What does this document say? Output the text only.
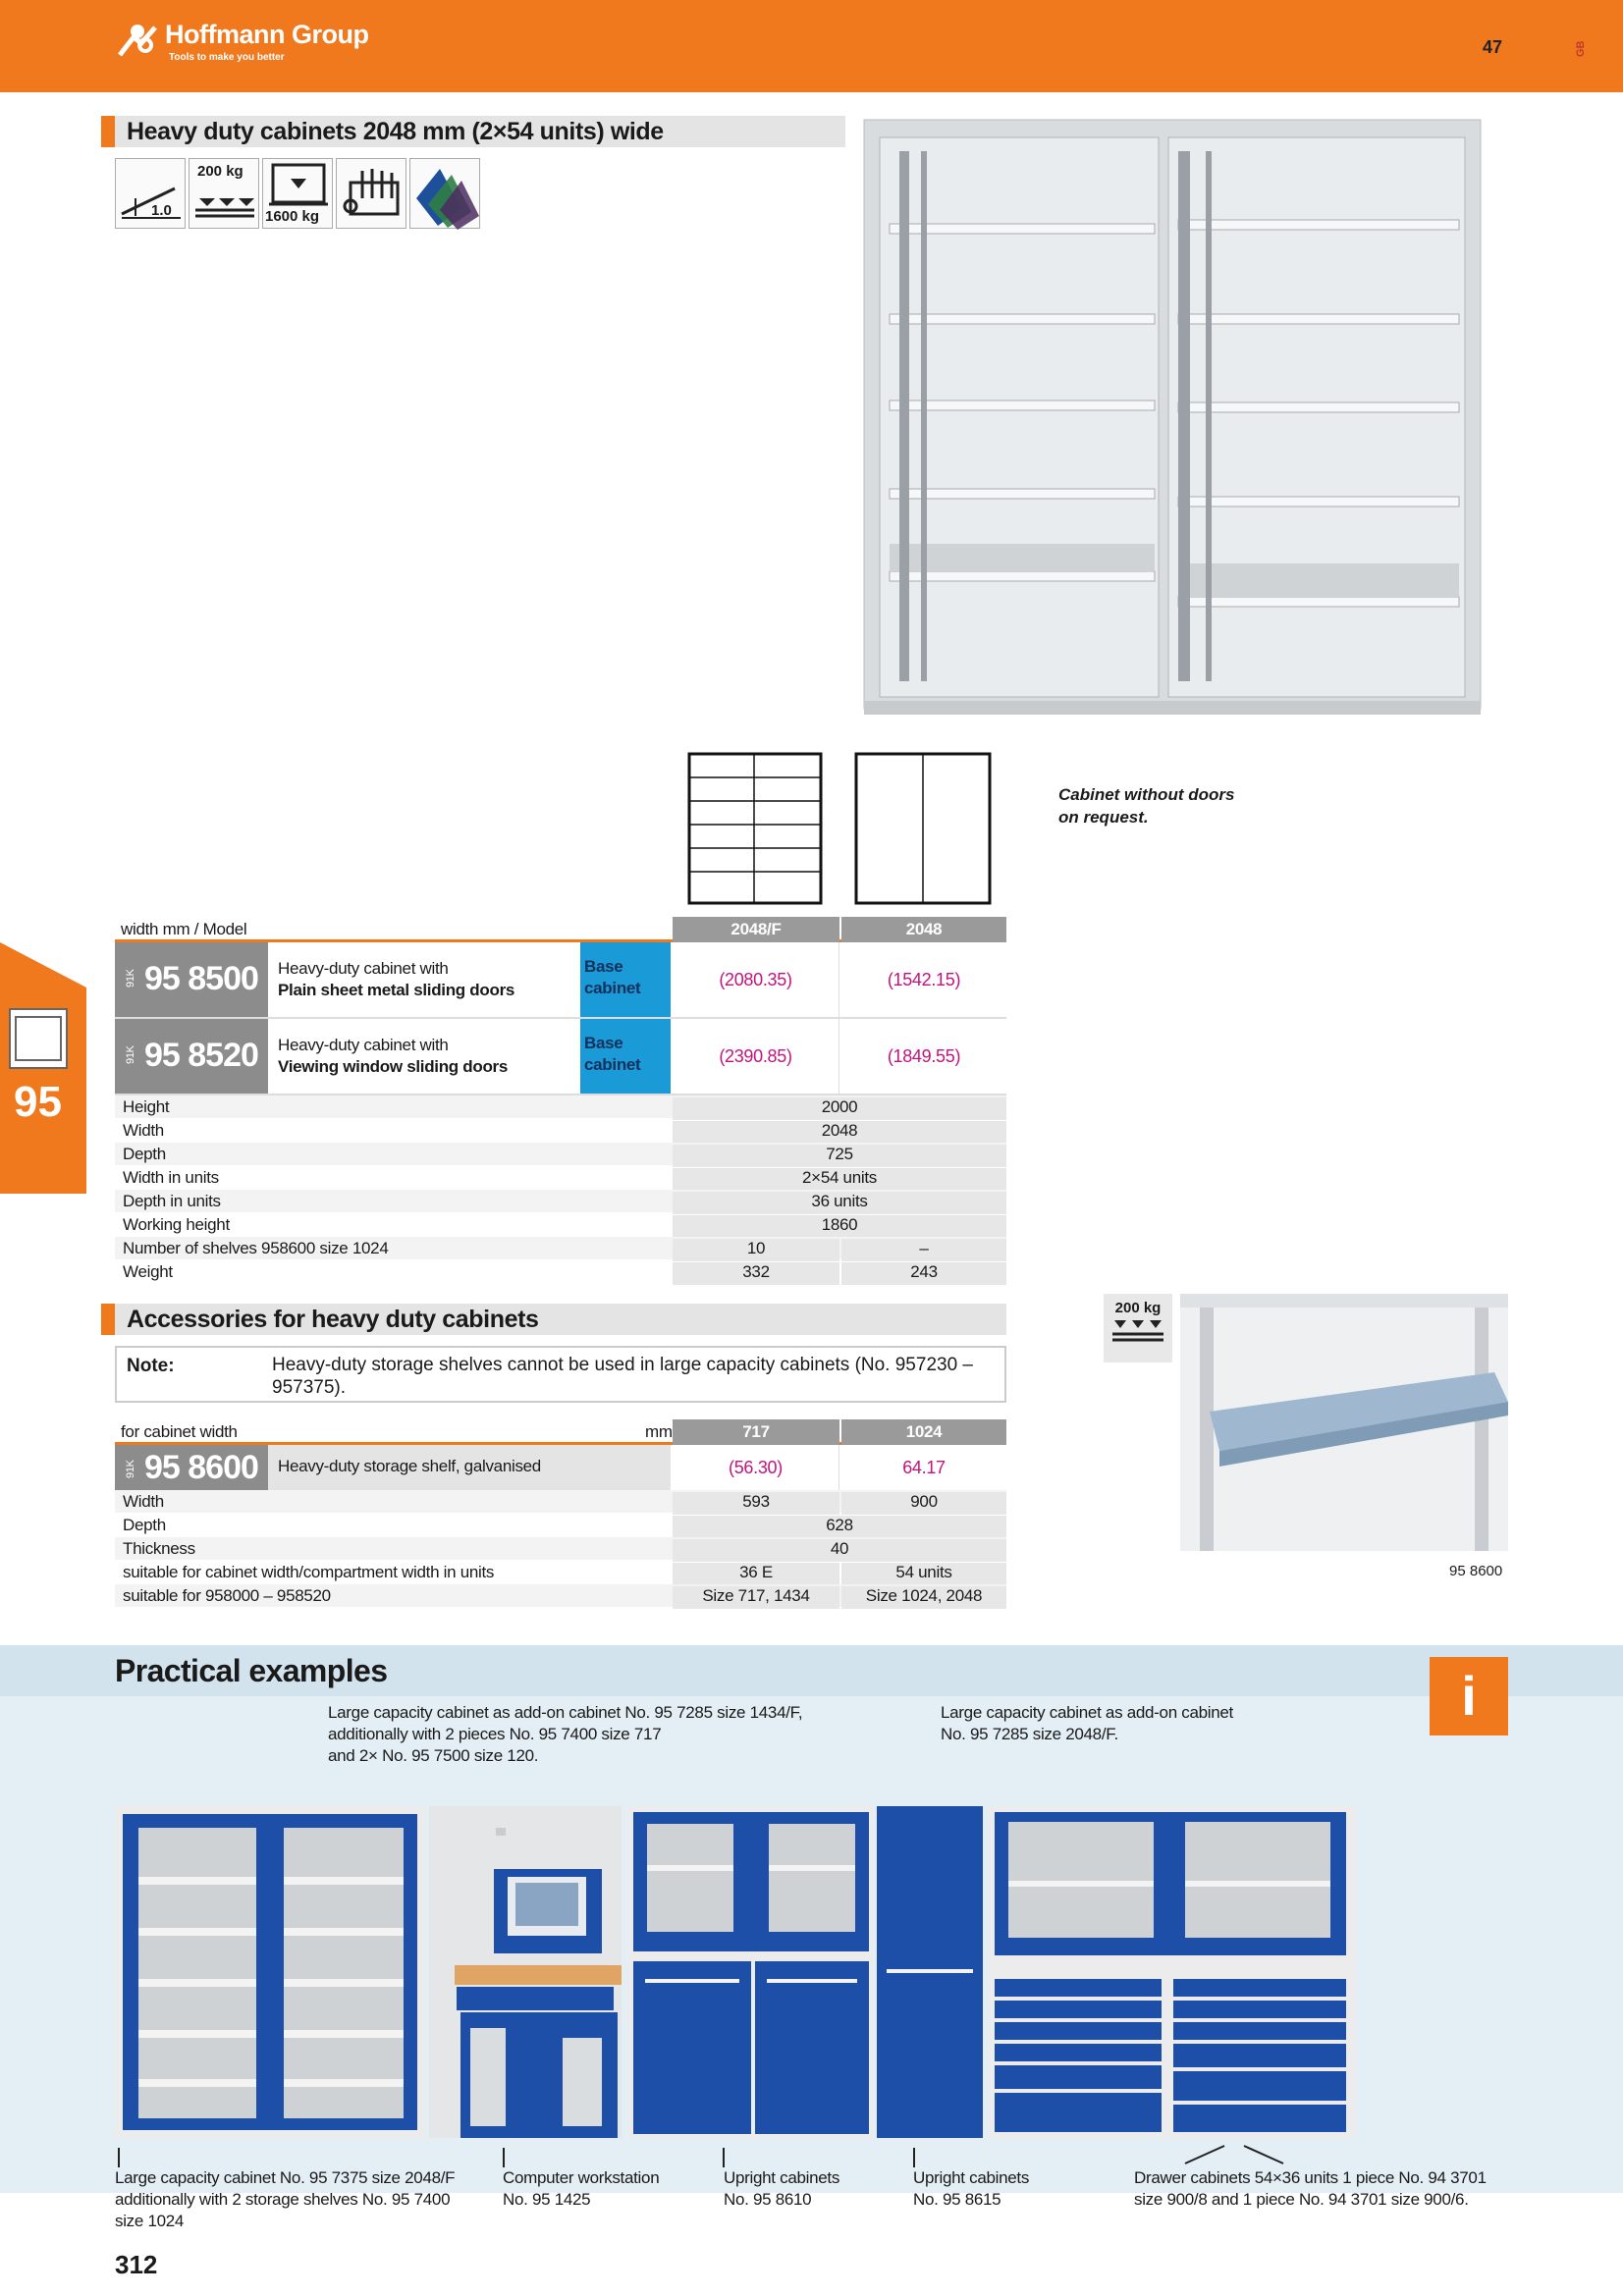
Hoffmann Group
Tools to make you better
47	GB
Heavy duty cabinets 2048 mm (2×54 units) wide
1.0
200 kg
1600 kg
Cabinet without doors
on request.
95
width mm / Model	2048/F	2048
91K 95 8500 Heavy-duty cabinet with
Plain sheet metal sliding doors
Base
cabinet	(2080.35)	(1542.15)
91K 95 8520 Heavy-duty cabinet with
Viewing window sliding doors
Base
cabinet	(2390.85)	(1849.55)
Height	2000
Width	2048
Depth	725
Width in units	2×54 units
Depth in units	36 units
Working height	1860
Number of shelves 958600 size 1024	10	–
Weight	332	243
Accessories for heavy duty cabinets
Note:	Heavy-duty storage shelves cannot be used in large capacity cabinets (No. 957230 – 957375).
for cabinet width	mm	717	1024
91K 95 8600 Heavy-duty storage shelf, galvanised	(56.30)	64.17
Width	593	900
Depth	628
Thickness	40
suitable for cabinet width/compartment width in units	36 E	54 units
suitable for 958000 – 958520	Size 717, 1434	Size 1024, 2048
200 kg
95 8600
Practical examples	i
Large capacity cabinet as add-on cabinet No. 95 7285 size 1434/F,
additionally with 2 pieces No. 95 7400 size 717
and 2× No. 95 7500 size 120.
Large capacity cabinet as add-on cabinet
No. 95 7285 size 2048/F.
Large capacity cabinet No. 95 7375 size 2048/F
additionally with 2 storage shelves No. 95 7400
size 1024
Computer workstation
No. 95 1425
Upright cabinets
No. 95 8610
Upright cabinets
No. 95 8615
Drawer cabinets 54×36 units 1 piece No. 94 3701
size 900/8 and 1 piece No. 94 3701 size 900/6.
312
